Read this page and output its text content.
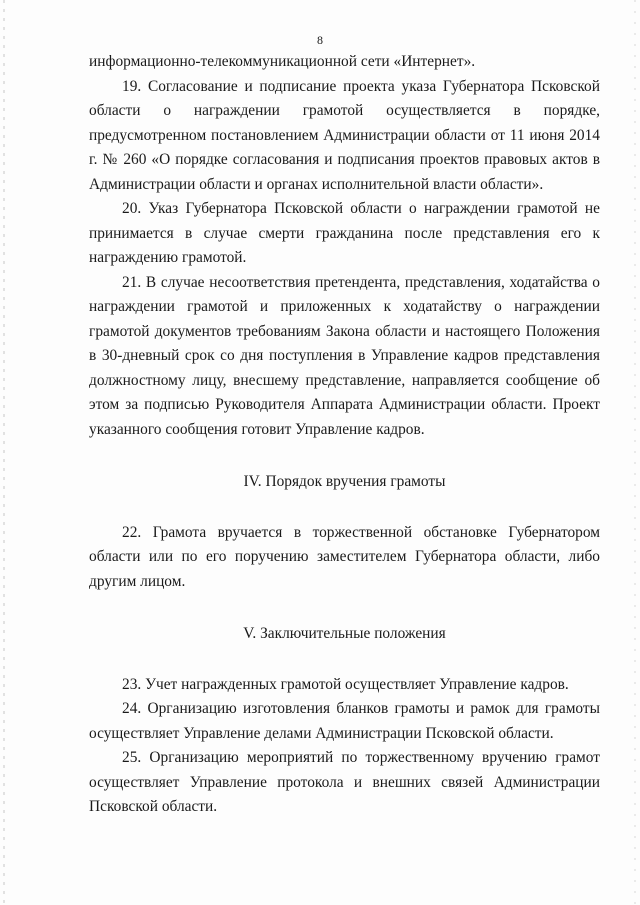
8

информационно-телекоммуникационной сети «Интернет».

19. Согласование и подписание проекта указа Губернатора Псковской области о награждении грамотой осуществляется в порядке, предусмотренном постановлением Администрации области от 11 июня 2014 г. № 260 «О порядке согласования и подписания проектов правовых актов в Администрации области и органах исполнительной власти области».

20. Указ Губернатора Псковской области о награждении грамотой не принимается в случае смерти гражданина после представления его к награждению грамотой.

21. В случае несоответствия претендента, представления, ходатайства о награждении грамотой и приложенных к ходатайству о награждении грамотой документов требованиям Закона области и настоящего Положения в 30-дневный срок со дня поступления в Управление кадров представления должностному лицу, внесшему представление, направляется сообщение об этом за подписью Руководителя Аппарата Администрации области. Проект указанного сообщения готовит Управление кадров.

IV. Порядок вручения грамоты

22. Грамота вручается в торжественной обстановке Губернатором области или по его поручению заместителем Губернатора области, либо другим лицом.

V. Заключительные положения

23. Учет награжденных грамотой осуществляет Управление кадров.

24. Организацию изготовления бланков грамоты и рамок для грамоты осуществляет Управление делами Администрации Псковской области.

25. Организацию мероприятий по торжественному вручению грамот осуществляет Управление протокола и внешних связей Администрации Псковской области.
